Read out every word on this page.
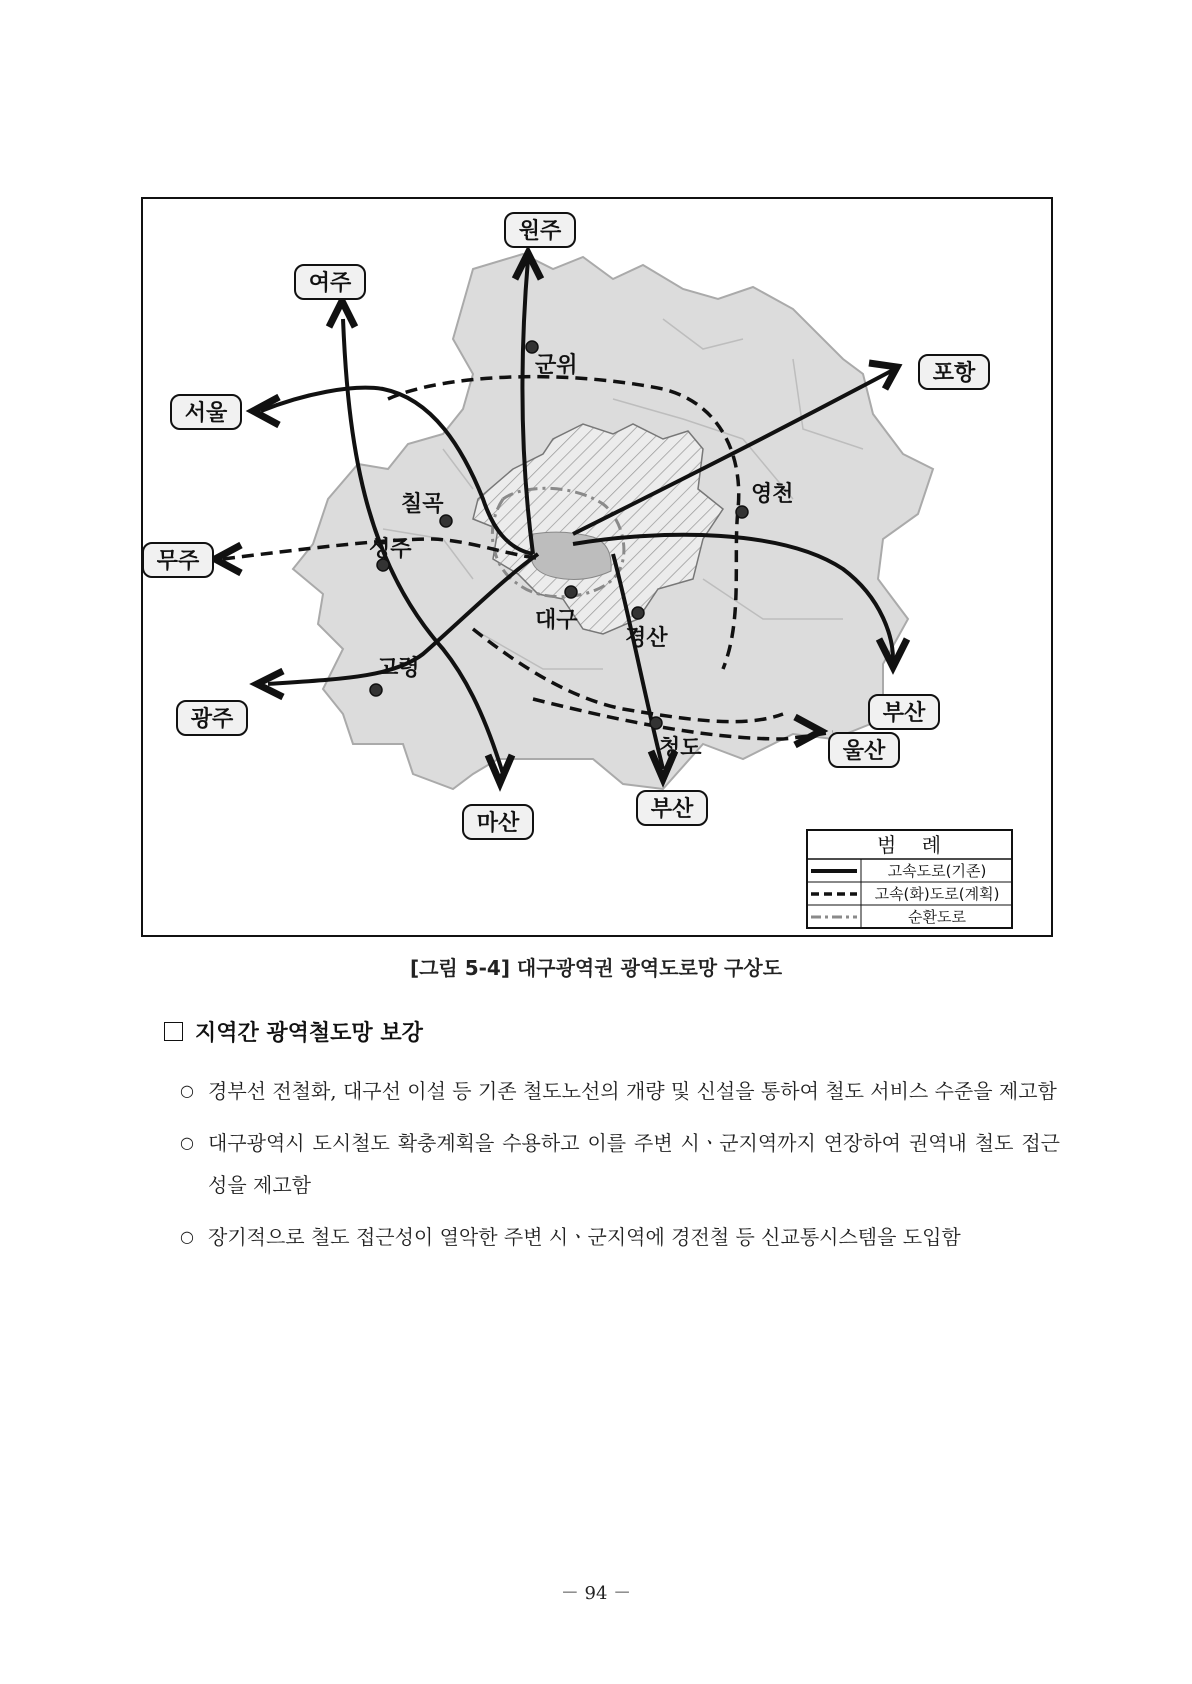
원주
여주
서울
무주
광주
마산
부산
울산
부산
포항
군위
칠곡
성주
대구
경산
고령
청도
영천
범    례
고속도로(기존)
고속(화)도로(계획)
순환도로
[그림 5-4] 대구광역권 광역도로망 구상도
지역간 광역철도망 보강
○ 경부선 전철화, 대구선 이설 등 기존 철도노선의 개량 및 신설을 통하여 철도 서비스 수준을 제고함
○ 대구광역시 도시철도 확충계획을 수용하고 이를 주변 시ㆍ군지역까지 연장하여 권역내 철도 접근성을 제고함
○ 장기적으로 철도 접근성이 열악한 주변 시ㆍ군지역에 경전철 등 신교통시스템을 도입함
－ 94 －
